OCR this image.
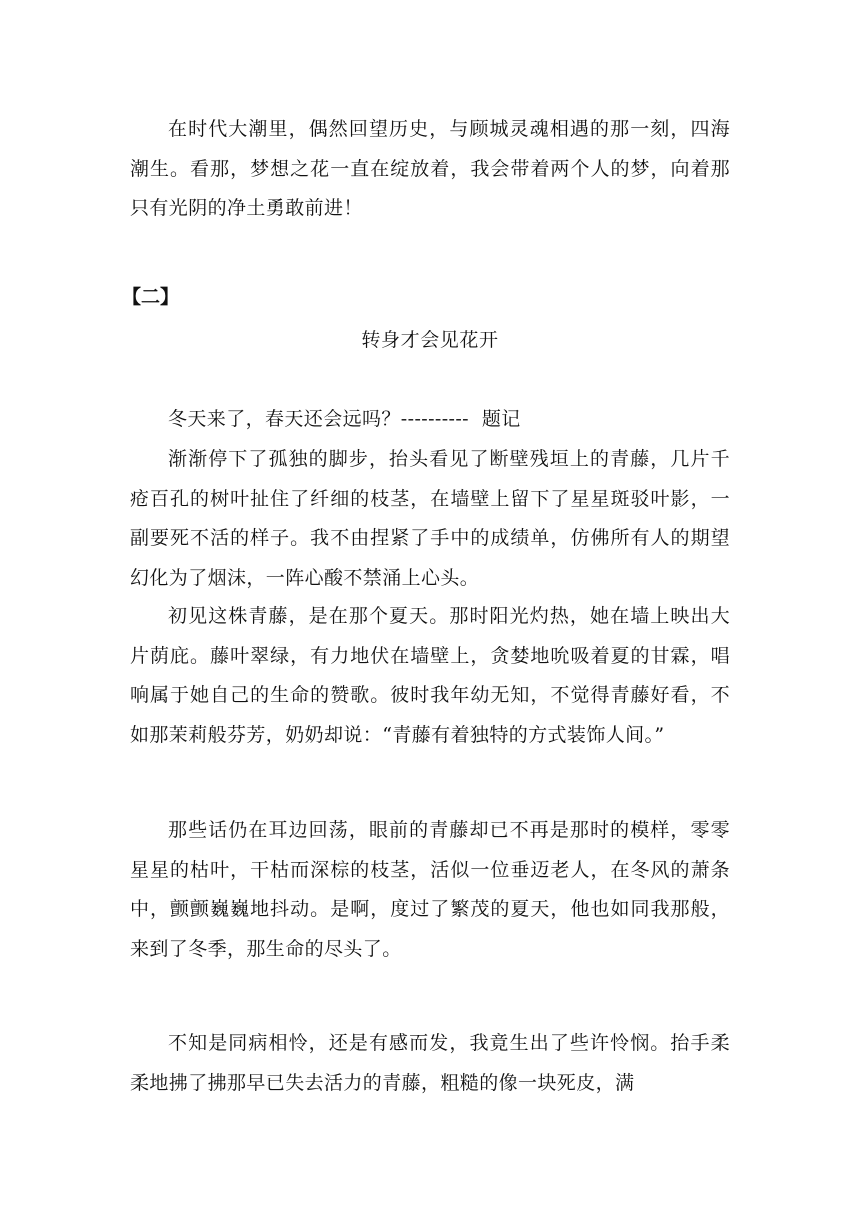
在时代大潮里，偶然回望历史，与顾城灵魂相遇的那一刻，四海潮生。看那，梦想之花一直在绽放着，我会带着两个人的梦，向着那只有光阴的净土勇敢前进！

【二】

转身才会见花开

冬天来了，春天还会远吗？----------  题记

渐渐停下了孤独的脚步，抬头看见了断壁残垣上的青藤，几片千疮百孔的树叶扯住了纤细的枝茎，在墙壁上留下了星星斑驳叶影，一副要死不活的样子。我不由捏紧了手中的成绩单，仿佛所有人的期望幻化为了烟沫，一阵心酸不禁涌上心头。

初见这株青藤，是在那个夏天。那时阳光灼热，她在墙上映出大片荫庇。藤叶翠绿，有力地伏在墙壁上，贪婪地吮吸着夏的甘霖，唱响属于她自己的生命的赞歌。彼时我年幼无知，不觉得青藤好看，不如那茉莉般芬芳，奶奶却说：“青藤有着独特的方式装饰人间。”

那些话仍在耳边回荡，眼前的青藤却已不再是那时的模样，零零星星的枯叶，干枯而深棕的枝茎，活似一位垂迈老人，在冬风的萧条中，颤颤巍巍地抖动。是啊，度过了繁茂的夏天，他也如同我那般，来到了冬季，那生命的尽头了。

不知是同病相怜，还是有感而发，我竟生出了些许怜悯。抬手柔柔地拂了拂那早已失去活力的青藤，粗糙的像一块死皮，满
